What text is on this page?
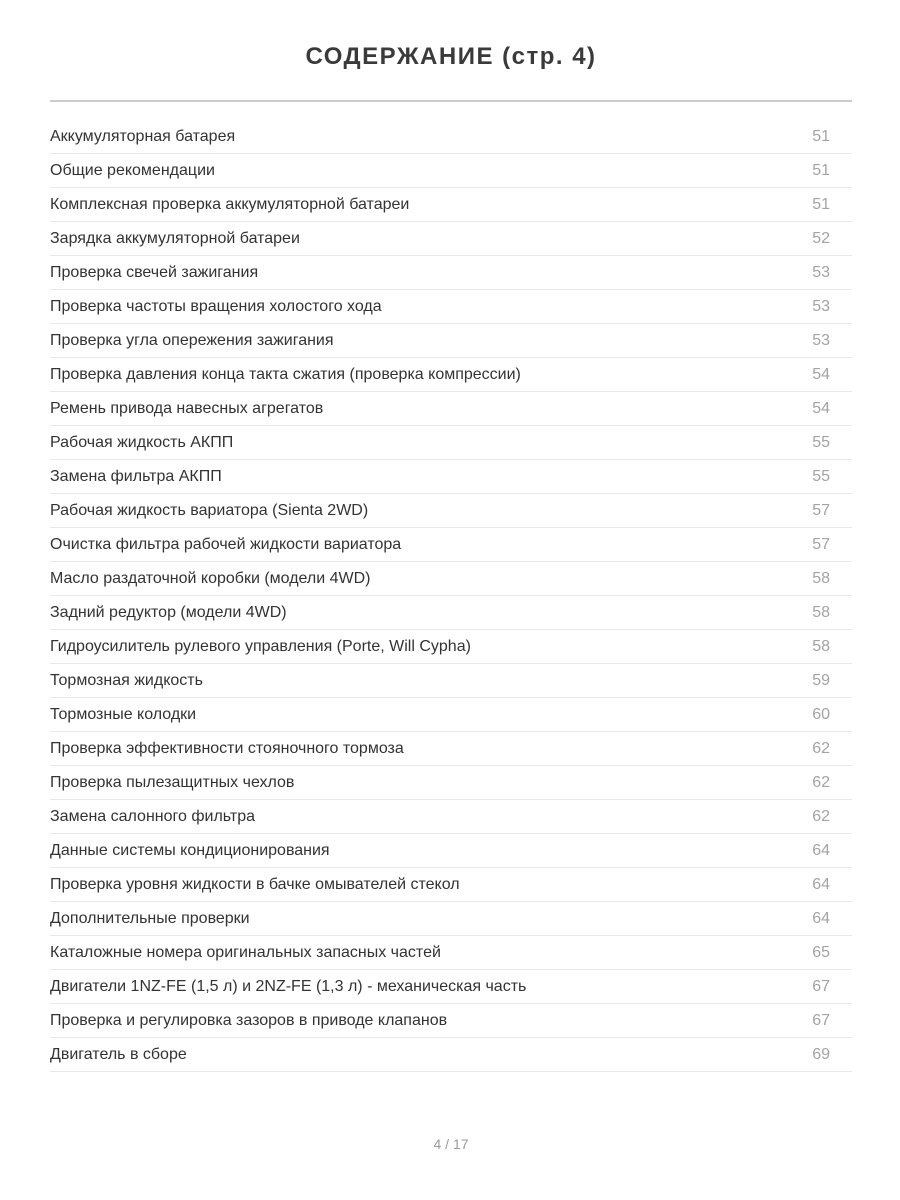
СОДЕРЖАНИЕ (стр. 4)
Аккумуляторная батарея	51
Общие рекомендации	51
Комплексная проверка аккумуляторной батареи	51
Зарядка аккумуляторной батареи	52
Проверка свечей зажигания	53
Проверка частоты вращения холостого хода	53
Проверка угла опережения зажигания	53
Проверка давления конца такта сжатия (проверка компрессии)	54
Ремень привода навесных агрегатов	54
Рабочая жидкость АКПП	55
Замена фильтра АКПП	55
Рабочая жидкость вариатора (Sienta 2WD)	57
Очистка фильтра рабочей жидкости вариатора	57
Масло раздаточной коробки (модели 4WD)	58
Задний редуктор (модели 4WD)	58
Гидроусилитель рулевого управления (Porte, Will Cypha)	58
Тормозная жидкость	59
Тормозные колодки	60
Проверка эффективности стояночного тормоза	62
Проверка пылезащитных чехлов	62
Замена салонного фильтра	62
Данные системы кондиционирования	64
Проверка уровня жидкости в бачке омывателей стекол	64
Дополнительные проверки	64
Каталожные номера оригинальных запасных частей	65
Двигатели 1NZ-FE (1,5 л) и 2NZ-FE (1,3 л) - механическая часть	67
Проверка и регулировка зазоров в приводе клапанов	67
Двигатель в сборе	69
4 / 17
